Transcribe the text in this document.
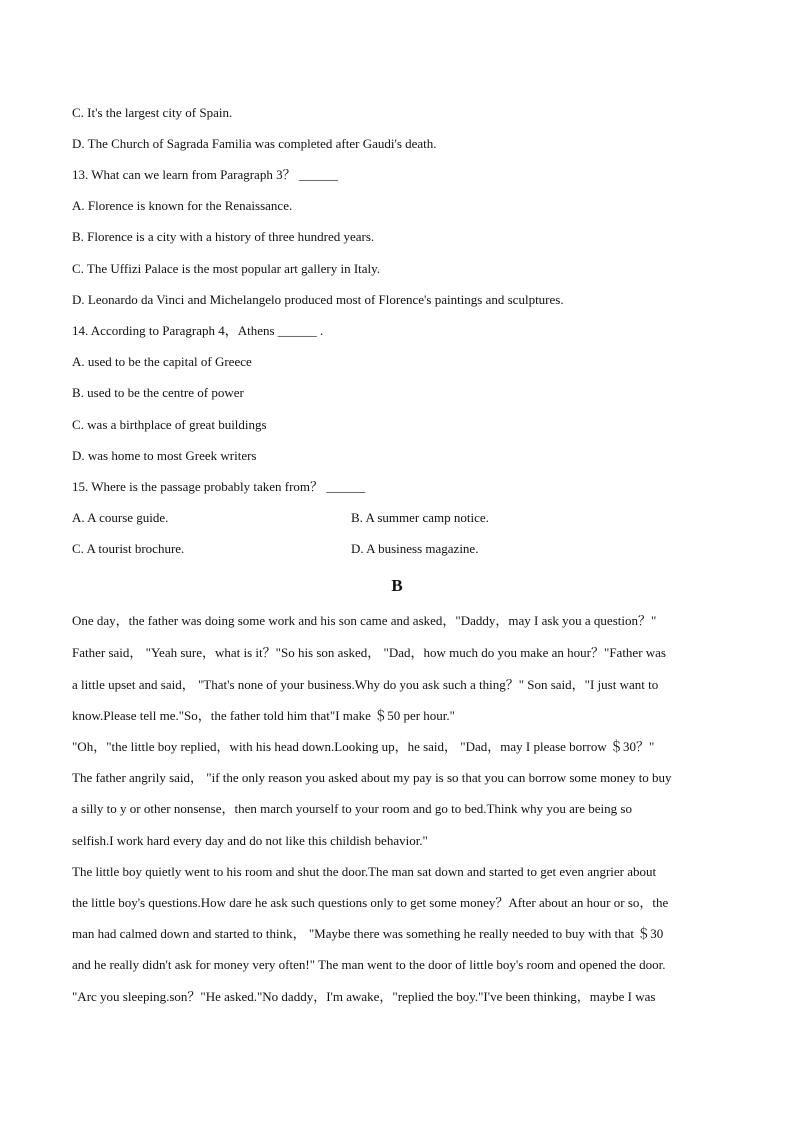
C. It's the largest city of Spain.
D. The Church of Sagrada Familia was completed after Gaudi's death.
13. What can we learn from Paragraph 3？ ______
A. Florence is known for the Renaissance.
B. Florence is a city with a history of three hundred years.
C. The Uffizi Palace is the most popular art gallery in Italy.
D. Leonardo da Vinci and Michelangelo produced most of Florence's paintings and sculptures.
14. According to Paragraph 4，Athens ______ .
A. used to be the capital of Greece
B. used to be the centre of power
C. was a birthplace of great buildings
D. was home to most Greek writers
15. Where is the passage probably taken from？ ______
A. A course guide.	B. A summer camp notice.
C. A tourist brochure.	D. A business magazine.
B
One day，the father was doing some work and his son came and asked，"Daddy，may I ask you a question？"
Father said， "Yeah sure，what is it？"So his son asked， "Dad，how much do you make an hour？"Father was
a little upset and said， "That's none of your business.Why do you ask such a thing？" Son said，"I just want to
know.Please tell me."So，the father told him that"I make ＄50 per hour."
"Oh，"the little boy replied，with his head down.Looking up，he said， "Dad，may I please borrow ＄30？"
The father angrily said， "if the only reason you asked about my pay is so that you can borrow some money to buy
a silly to y or other nonsense，then march yourself to your room and go to bed.Think why you are being so
selfish.I work hard every day and do not like this childish behavior."
The little boy quietly went to his room and shut the door.The man sat down and started to get even angrier about
the little boy's questions.How dare he ask such questions only to get some money？After about an hour or so，the
man had calmed down and started to think， "Maybe there was something he really needed to buy with that ＄30
and he really didn't ask for money very often!" The man went to the door of little boy's room and opened the door.
"Arc you sleeping.son？"He asked."No daddy，I'm awake，"replied the boy."I've been thinking，maybe I was
